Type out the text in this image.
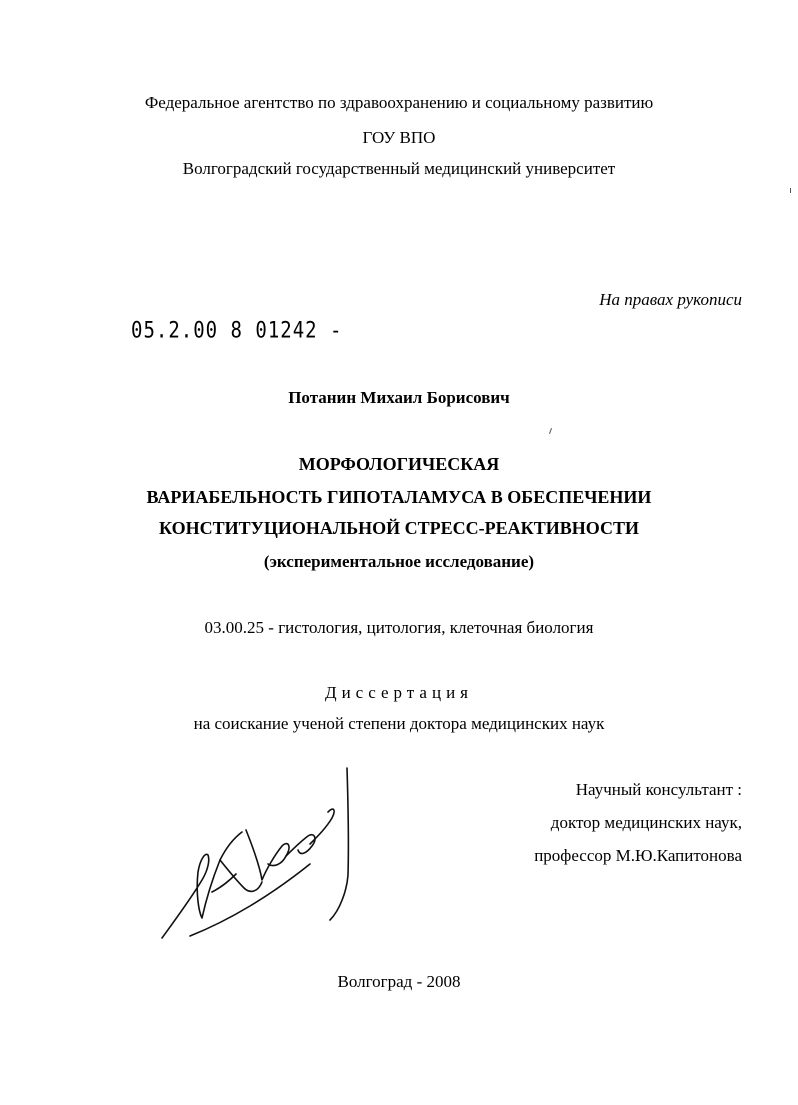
Федеральное агентство по здравоохранению и социальному развитию
ГОУ ВПО
Волгоградский государственный медицинский университет
На правах рукописи
05.2.00 8 01242 -
Потанин Михаил Борисович
МОРФОЛОГИЧЕСКАЯ
ВАРИАБЕЛЬНОСТЬ ГИПОТАЛАМУСА В ОБЕСПЕЧЕНИИ
КОНСТИТУЦИОНАЛЬНОЙ СТРЕСС-РЕАКТИВНОСТИ
(экспериментальное исследование)
03.00.25 - гистология, цитология, клеточная биология
Диссертация
на соискание ученой степени доктора медицинских наук
Научный консультант :
доктор медицинских наук,
профессор М.Ю.Капитонова
Волгоград - 2008
